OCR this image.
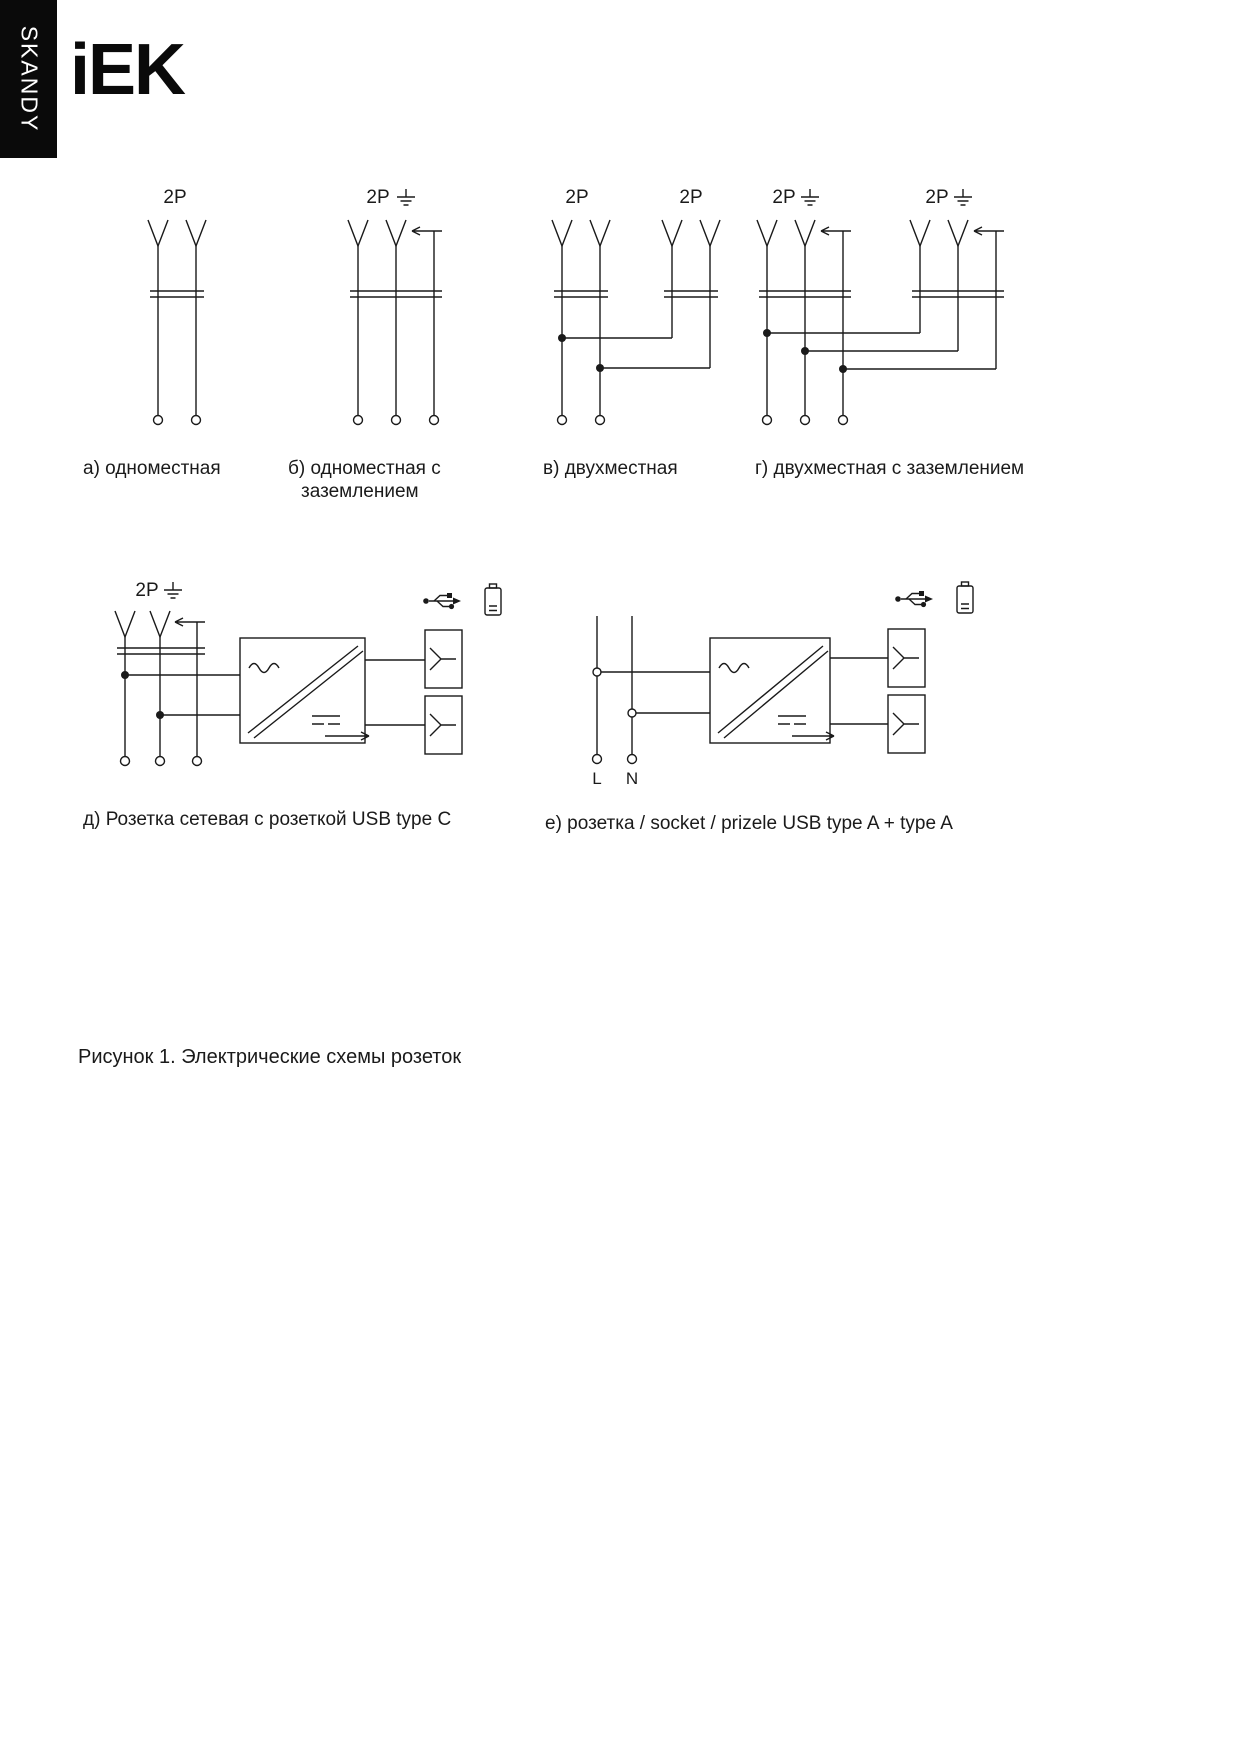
SKANDY iEK
2P
а) одноместная
2P
б) одноместная с
заземлением
2P	2P
в) двухместная
2P	2P
г) двухместная с заземлением
2P
д) Розетка сетевая с розеткой USB type C
L N
е) розетка / socket / prizele USB type A + type A
Рисунок 1. Электрические схемы розеток
